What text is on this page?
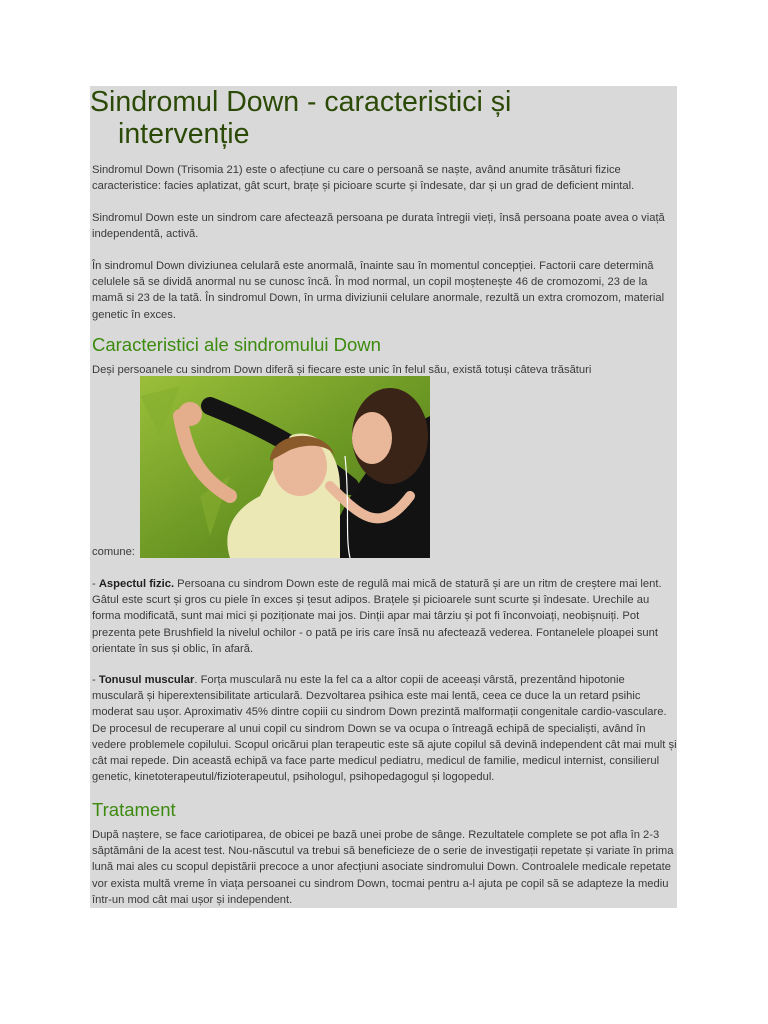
Sindromul Down - caracteristici și
intervenție

Sindromul Down (Trisomia 21) este o afecțiune cu care o persoană se naște, având anumite trăsături fizice caracteristice: facies aplatizat, gât scurt, brațe și picioare scurte și îndesate, dar și un grad de deficient mintal.

Sindromul Down este un sindrom care afectează persoana pe durata întregii vieți, însă persoana poate avea o viață independentă, activă.

În sindromul Down diviziunea celulară este anormală, înainte sau în momentul concepției. Factorii care determină celulele să se dividă anormal nu se cunosc încă. În mod normal, un copil moștenește 46 de cromozomi, 23 de la mamă si 23 de la tată. În sindromul Down, în urma diviziunii celulare anormale, rezultă un extra cromozom, material genetic în exces.

Caracteristici ale sindromului Down

Deși persoanele cu sindrom Down diferă și fiecare este unic în felul său, există totuși câteva trăsături

comune:

- Aspectul fizic. Persoana cu sindrom Down este de regulă mai mică de statură și are un ritm de creștere mai lent. Gâtul este scurt și gros cu piele în exces și țesut adipos. Brațele și picioarele sunt scurte și îndesate. Urechile au forma modificată, sunt mai mici și poziționate mai jos. Dinții apar mai târziu și pot fi înconvoiați, neobișnuiți. Pot prezenta pete Brushfield la nivelul ochilor - o pată pe iris care însă nu afectează vederea. Fontanelele ploapei sunt orientate în sus și oblic, în afară.

- Tonusul muscular. Forța musculară nu este la fel ca a altor copii de aceeași vârstă, prezentând hipotonie musculară și hiperextensibilitate articulară. Dezvoltarea psihica este mai lentă, ceea ce duce la un retard psihic moderat sau ușor. Aproximativ 45% dintre copiii cu sindrom Down prezintă malformații congenitale cardio-vasculare. De procesul de recuperare al unui copil cu sindrom Down se va ocupa o întreagă echipă de specialiști, având în vedere problemele copilului. Scopul oricărui plan terapeutic este să ajute copilul să devină independent cât mai mult și cât mai repede. Din această echipă va face parte medicul pediatru, medicul de familie, medicul internist, consilierul genetic, kinetoterapeutul/fizioterapeutul, psihologul, psihopedagogul și logopedul.

Tratament

După naștere, se face cariotiparea, de obicei pe bază unei probe de sânge. Rezultatele complete se pot afla în 2-3 săptămâni de la acest test. Nou-născutul va trebui să beneficieze de o serie de investigații repetate și variate în prima lună mai ales cu scopul depistării precoce a unor afecțiuni asociate sindromului Down. Controalele medicale repetate vor exista multă vreme în viața persoanei cu sindrom Down, tocmai pentru a-l ajuta pe copil să se adapteze la mediu într-un mod cât mai ușor și independent.
